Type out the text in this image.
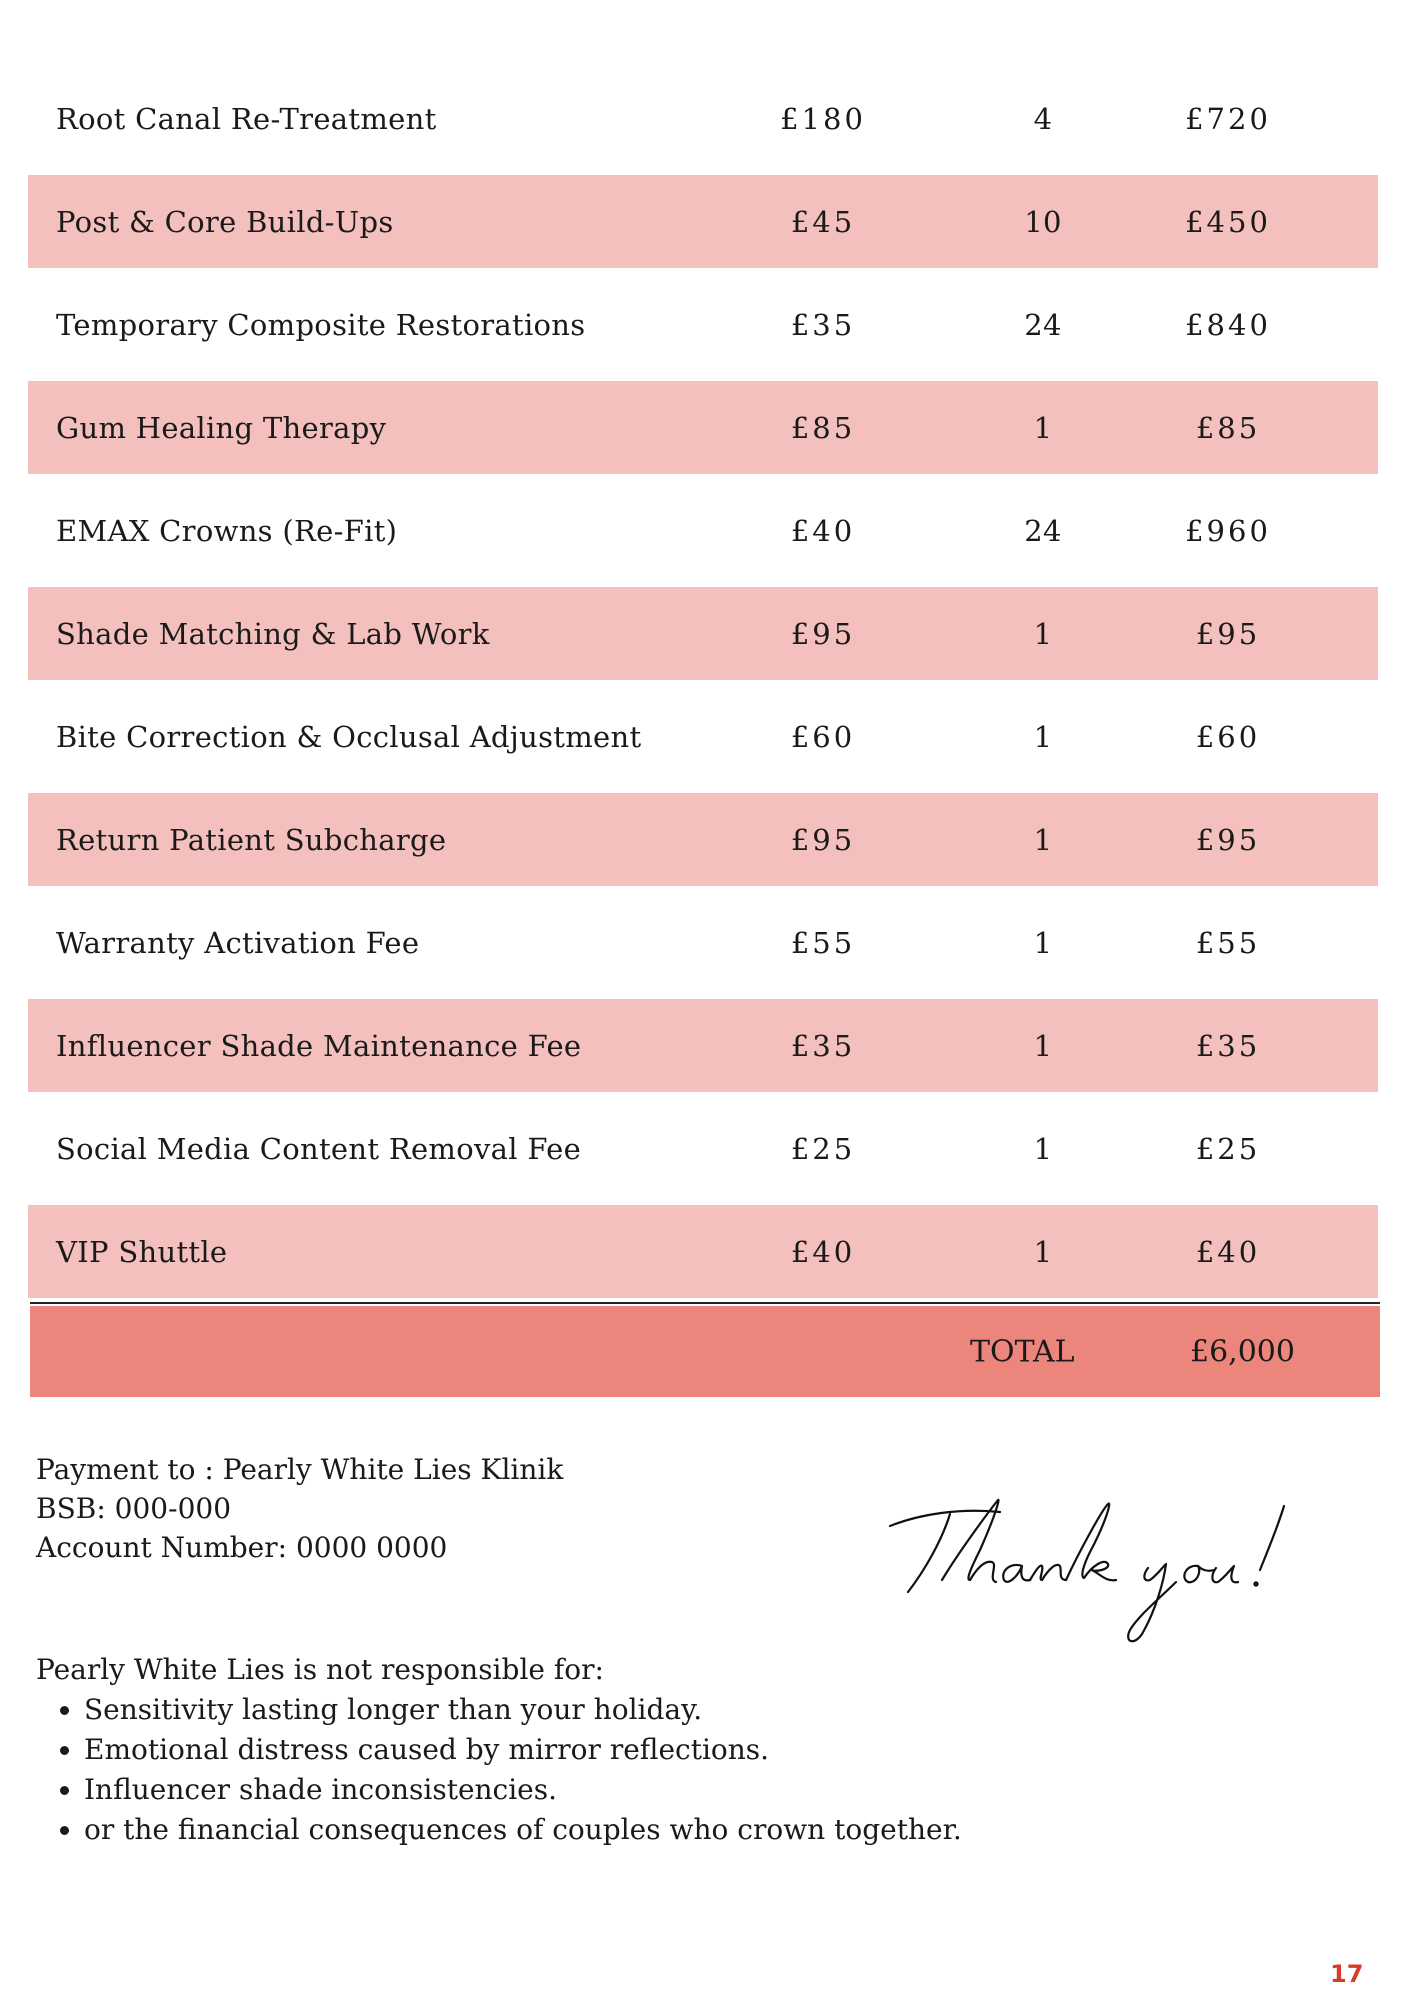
Root Canal Re-Treatment	£180	4	£720
Post & Core Build-Ups	£45	10	£450
Temporary Composite Restorations	£35	24	£840
Gum Healing Therapy	£85	1	£85
EMAX Crowns (Re-Fit)	£40	24	£960
Shade Matching & Lab Work	£95	1	£95
Bite Correction & Occlusal Adjustment	£60	1	£60
Return Patient Subcharge	£95	1	£95
Warranty Activation Fee	£55	1	£55
Influencer Shade Maintenance Fee	£35	1	£35
Social Media Content Removal Fee	£25	1	£25
VIP Shuttle	£40	1	£40
TOTAL	£6,000
Payment to : Pearly White Lies Klinik
BSB: 000-000
Account Number: 0000 0000
Pearly White Lies is not responsible for:
• Sensitivity lasting longer than your holiday.
• Emotional distress caused by mirror reflections.
• Influencer shade inconsistencies.
• or the financial consequences of couples who crown together.
17
